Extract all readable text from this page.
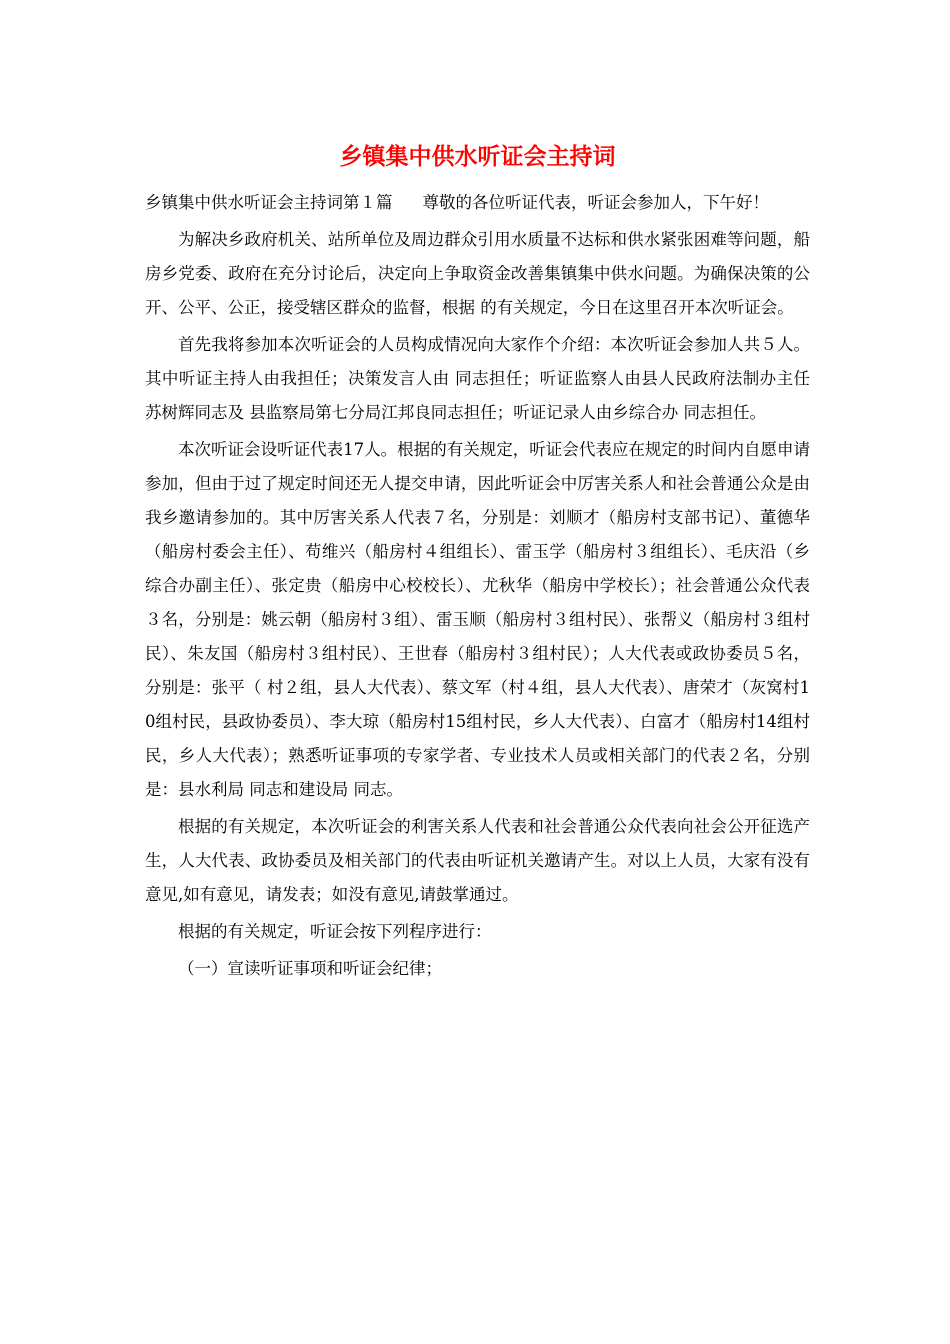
乡镇集中供水听证会主持词

乡镇集中供水听证会主持词第１篇 尊敬的各位听证代表，听证会参加人，下午好！

为解决乡政府机关、站所单位及周边群众引用水质量不达标和供水紧张困难等问题，船房乡党委、政府在充分讨论后，决定向上争取资金改善集镇集中供水问题。为确保决策的公开、公平、公正，接受辖区群众的监督，根据 的有关规定，今日在这里召开本次听证会。

首先我将参加本次听证会的人员构成情况向大家作个介绍：本次听证会参加人共５人。其中听证主持人由我担任；决策发言人由 同志担任；听证监察人由县人民政府法制办主任苏树辉同志及 县监察局第七分局江邦良同志担任；听证记录人由乡综合办 同志担任。

本次听证会设听证代表17人。根据的有关规定，听证会代表应在规定的时间内自愿申请参加，但由于过了规定时间还无人提交申请，因此听证会中厉害关系人和社会普通公众是由我乡邀请参加的。其中厉害关系人代表７名，分别是：刘顺才（船房村支部书记）、董德华（船房村委会主任）、苟维兴（船房村４组组长）、雷玉学（船房村３组组长）、毛庆沿（乡综合办副主任）、张定贵（船房中心校校长）、尤秋华（船房中学校长）；社会普通公众代表３名，分别是：姚云朝（船房村３组）、雷玉顺（船房村３组村民）、张帮义（船房村３组村民）、朱友国（船房村３组村民）、王世春（船房村３组村民）；人大代表或政协委员５名，分别是：张平（ 村２组，县人大代表）、蔡文军（村４组，县人大代表）、唐荣才（灰窝村10组村民，县政协委员）、李大琼（船房村15组村民，乡人大代表）、白富才（船房村14组村民，乡人大代表）；熟悉听证事项的专家学者、专业技术人员或相关部门的代表２名，分别是：县水利局 同志和建设局 同志。

根据的有关规定，本次听证会的利害关系人代表和社会普通公众代表向社会公开征选产生，人大代表、政协委员及相关部门的代表由听证机关邀请产生。对以上人员，大家有没有意见,如有意见，请发表；如没有意见,请鼓掌通过。

根据的有关规定，听证会按下列程序进行：

（一）宣读听证事项和听证会纪律；
